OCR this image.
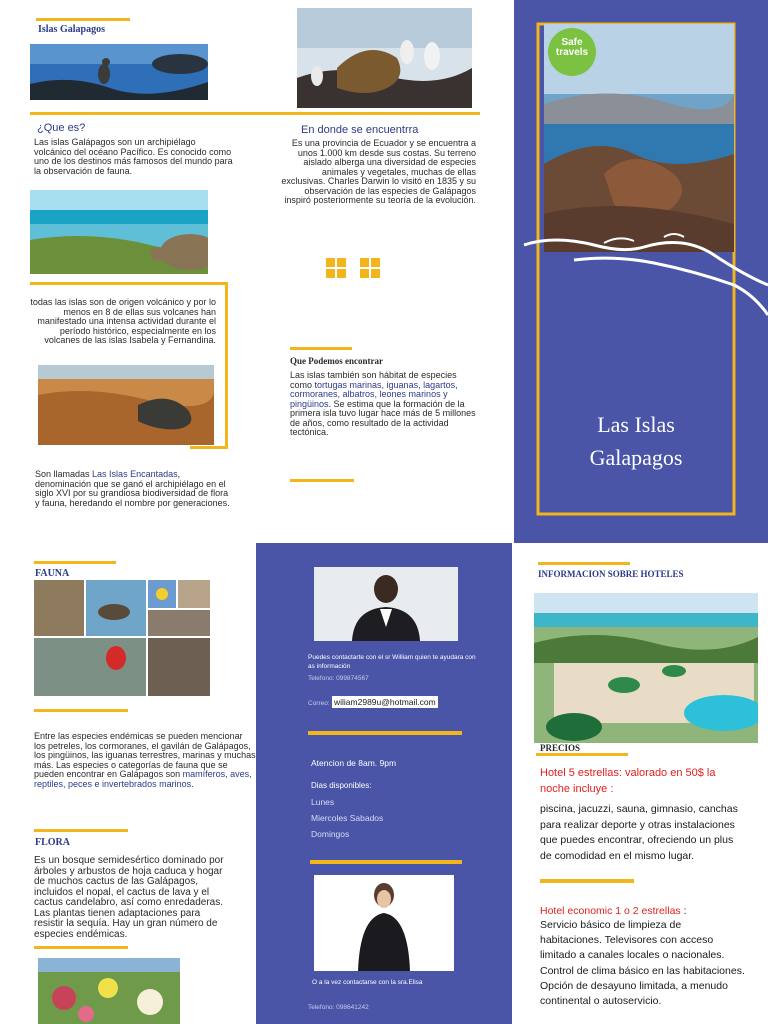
Islas Galapagos
¿Que es?
Las islas Galápagos son un archipiélago volcánico del océano Pacífico. Es conocido como uno de los destinos más famosos del mundo para la observación de fauna.
todas las islas son de origen volcánico y por lo menos en 8 de ellas sus volcanes han manifestado una intensa actividad durante el período histórico, especialmente en los volcanes de las islas Isabela y Fernandina.
Son llamadas Las Islas Encantadas, denominación que se ganó el archipiélago en el siglo XVI por su grandiosa biodiversidad de flora y fauna, heredando el nombre por generaciones.
En donde se encuentrra
Es una provincia de Ecuador y se encuentra a unos 1.000 km desde sus costas. Su terreno aislado alberga una diversidad de especies animales y vegetales, muchas de ellas exclusivas. Charles Darwin lo visitó en 1835 y su observación de las especies de Galápagos inspiró posteriormente su teoría de la evolución.
Que Podemos encontrar
Las islas también son hábitat de especies como tortugas marinas, iguanas, lagartos, cormoranes, albatros, leones marinos y pingüinos. Se estima que la formación de la primera isla tuvo lugar hace más de 5 millones de años, como resultado de la actividad tectónica.
Safe
travels
Las Islas
Galapagos
FAUNA
Entre las especies endémicas se pueden mencionar los petreles, los cormoranes, el gavilán de Galápagos, los pingüinos, las iguanas terrestres, marinas y muchas más. Las especies o categorías de fauna que se pueden encontrar en Galápagos son mamíferos, aves, reptiles, peces e invertebrados marinos.
FLORA
Es un bosque semidesértico dominado por árboles y arbustos de hoja caduca y hogar de muchos cactus de las Galápagos, incluidos el nopal, el cactus de lava y el cactus candelabro, así como enredaderas. Las plantas tienen adaptaciones para resistir la sequía. Hay un gran número de especies endémicas.
Puedes contactarte con el sr William quien te ayudara con as información
Telefono: 099874567
Correo: wiliam2989u@hotmail.com
Atencion de 8am. 9pm
Dias disponibles:
Lunes
Miercoles Sabados
Domingos
O a la vez contactarse con la sra.Elisa
Telefono: 098641242
INFORMACION SOBRE HOTELES
PRECIOS
Hotel 5 estrellas: valorado en 50$ la noche incluye :
piscina, jacuzzi, sauna, gimnasio, canchas para realizar deporte y otras instalaciones que puedes encontrar, ofreciendo un plus de comodidad en el mismo lugar.
Hotel economic 1 o 2 estrellas :
Servicio básico de limpieza de habitaciones. Televisores con acceso limitado a canales locales o nacionales. Control de clima básico en las habitaciones. Opción de desayuno limitada, a menudo continental o autoservicio.
